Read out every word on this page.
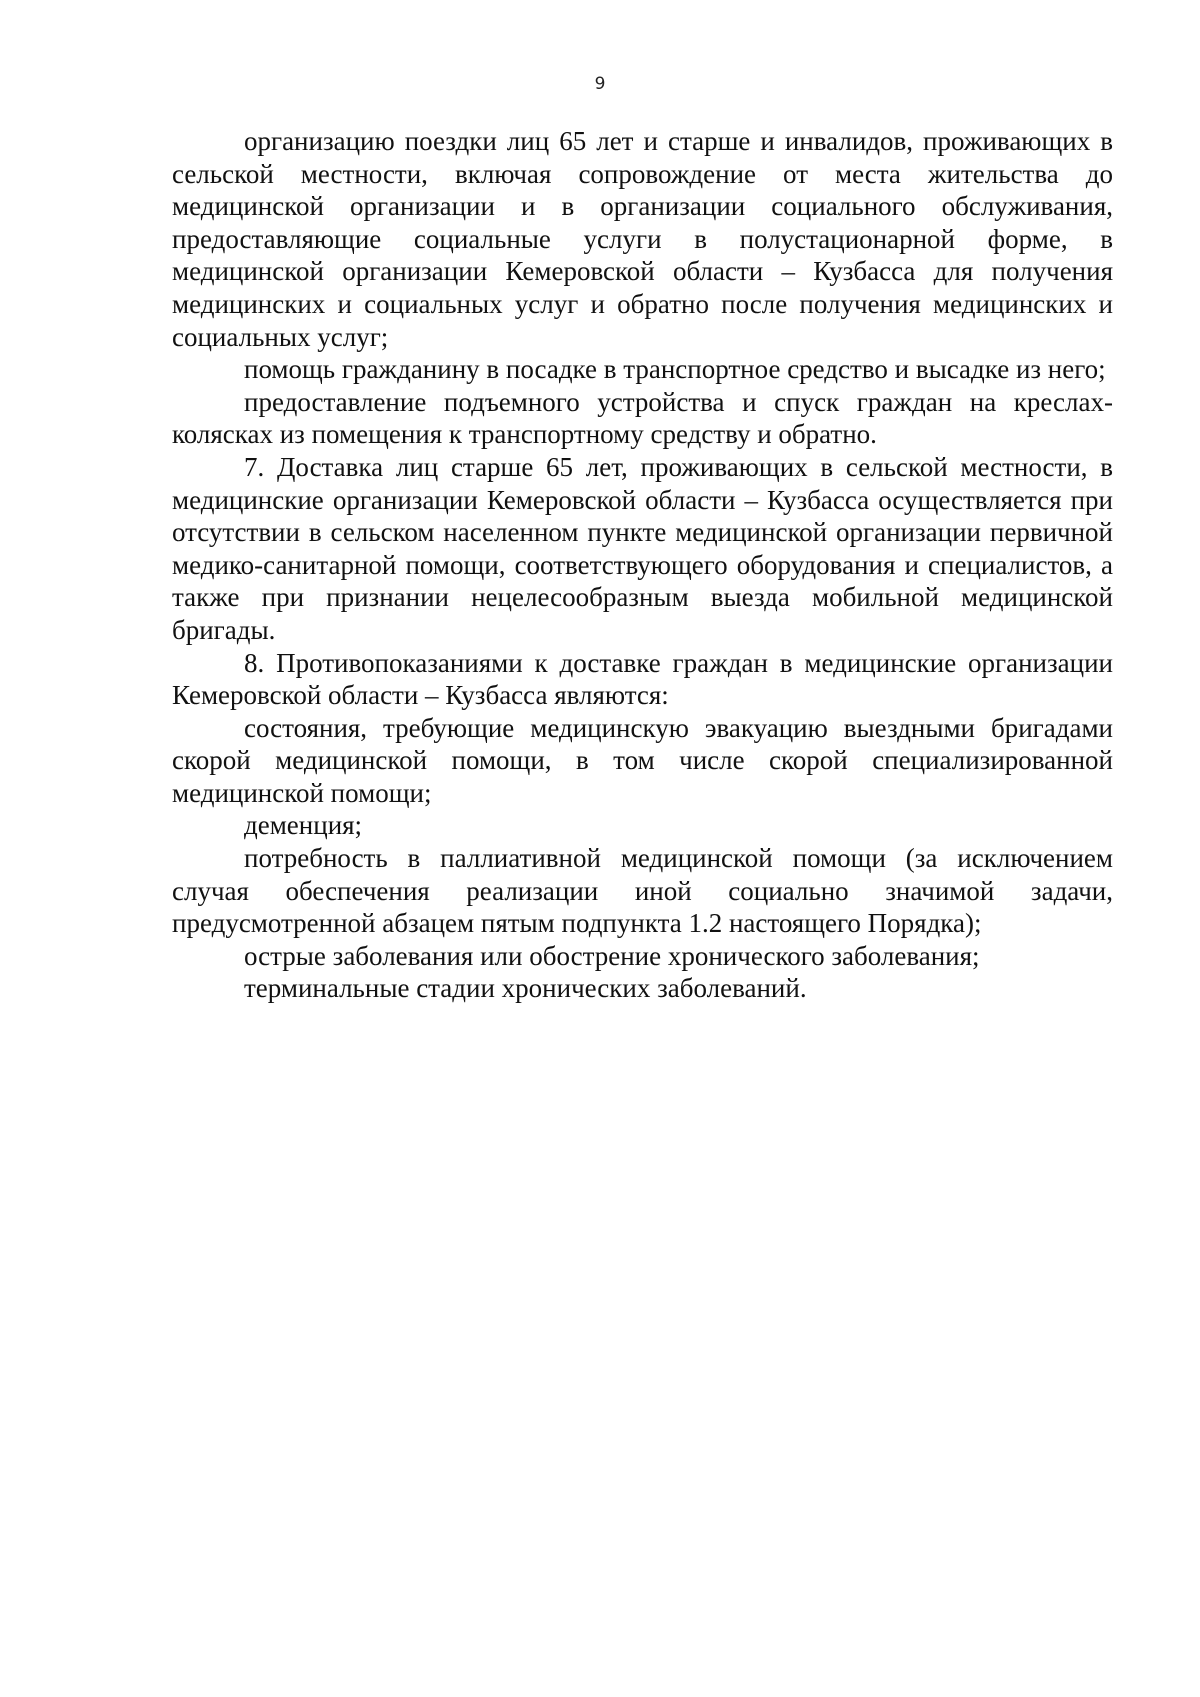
9

организацию поездки лиц 65 лет и старше и инвалидов, проживающих в сельской местности, включая сопровождение от места жительства до медицинской организации и в организации социального обслуживания, предоставляющие социальные услуги в полустационарной форме, в медицинской организации Кемеровской области – Кузбасса для получения медицинских и социальных услуг и обратно после получения медицинских и социальных услуг;

помощь гражданину в посадке в транспортное средство и высадке из него;

предоставление подъемного устройства и спуск граждан на креслах-колясках из помещения к транспортному средству и обратно.

7. Доставка лиц старше 65 лет, проживающих в сельской местности, в медицинские организации Кемеровской области – Кузбасса осуществляется при отсутствии в сельском населенном пункте медицинской организации первичной медико-санитарной помощи, соответствующего оборудования и специалистов, а также при признании нецелесообразным выезда мобильной медицинской бригады.

8. Противопоказаниями к доставке граждан в медицинские организации Кемеровской области – Кузбасса являются:

состояния, требующие медицинскую эвакуацию выездными бригадами скорой медицинской помощи, в том числе скорой специализированной медицинской помощи;

деменция;

потребность в паллиативной медицинской помощи (за исключением случая обеспечения реализации иной социально значимой задачи, предусмотренной абзацем пятым подпункта 1.2 настоящего Порядка);

острые заболевания или обострение хронического заболевания;

терминальные стадии хронических заболеваний.
